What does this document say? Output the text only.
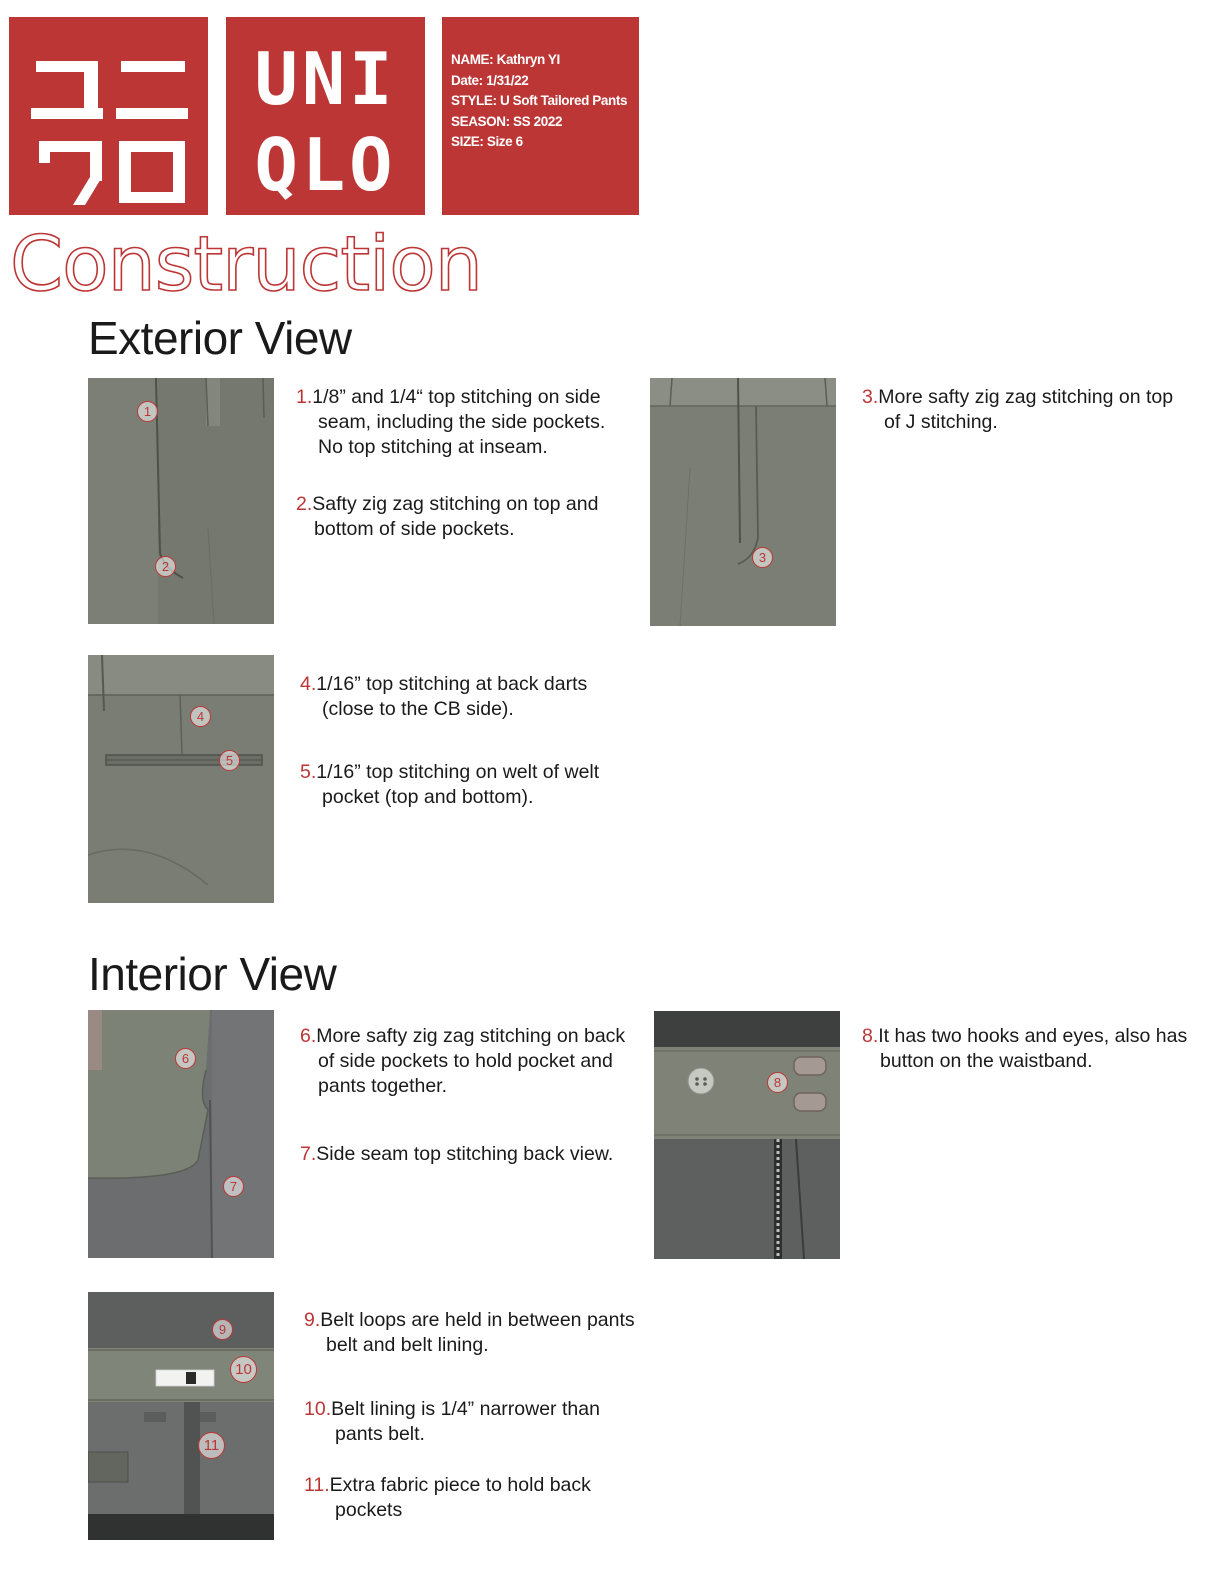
UNI
QLO
NAME: Kathryn YI
Date: 1/31/22
STYLE: U Soft Tailored Pants
SEASON: SS 2022
SIZE: Size 6
Construction
Exterior View
1
2
1.1/8” and 1/4“ top stitching on side
seam, including the side pockets.
No top stitching at inseam.
2.Safty zig zag stitching on top and
bottom of side pockets.
3
3.More safty zig zag stitching on top
of J stitching.
4
5
4.1/16” top stitching at back darts
(close to the CB side).
5.1/16” top stitching on welt of welt
pocket (top and bottom).
Interior View
6
7
6.More safty zig zag stitching on back
of side pockets to hold pocket and
pants together.
7.Side seam top stitching back view.
8
8.It has two hooks and eyes, also has
button on the waistband.
9
10
11
9.Belt loops are held in between pants
belt and belt lining.
10.Belt lining is 1/4” narrower than
pants belt.
11.Extra fabric piece to hold back
pockets
